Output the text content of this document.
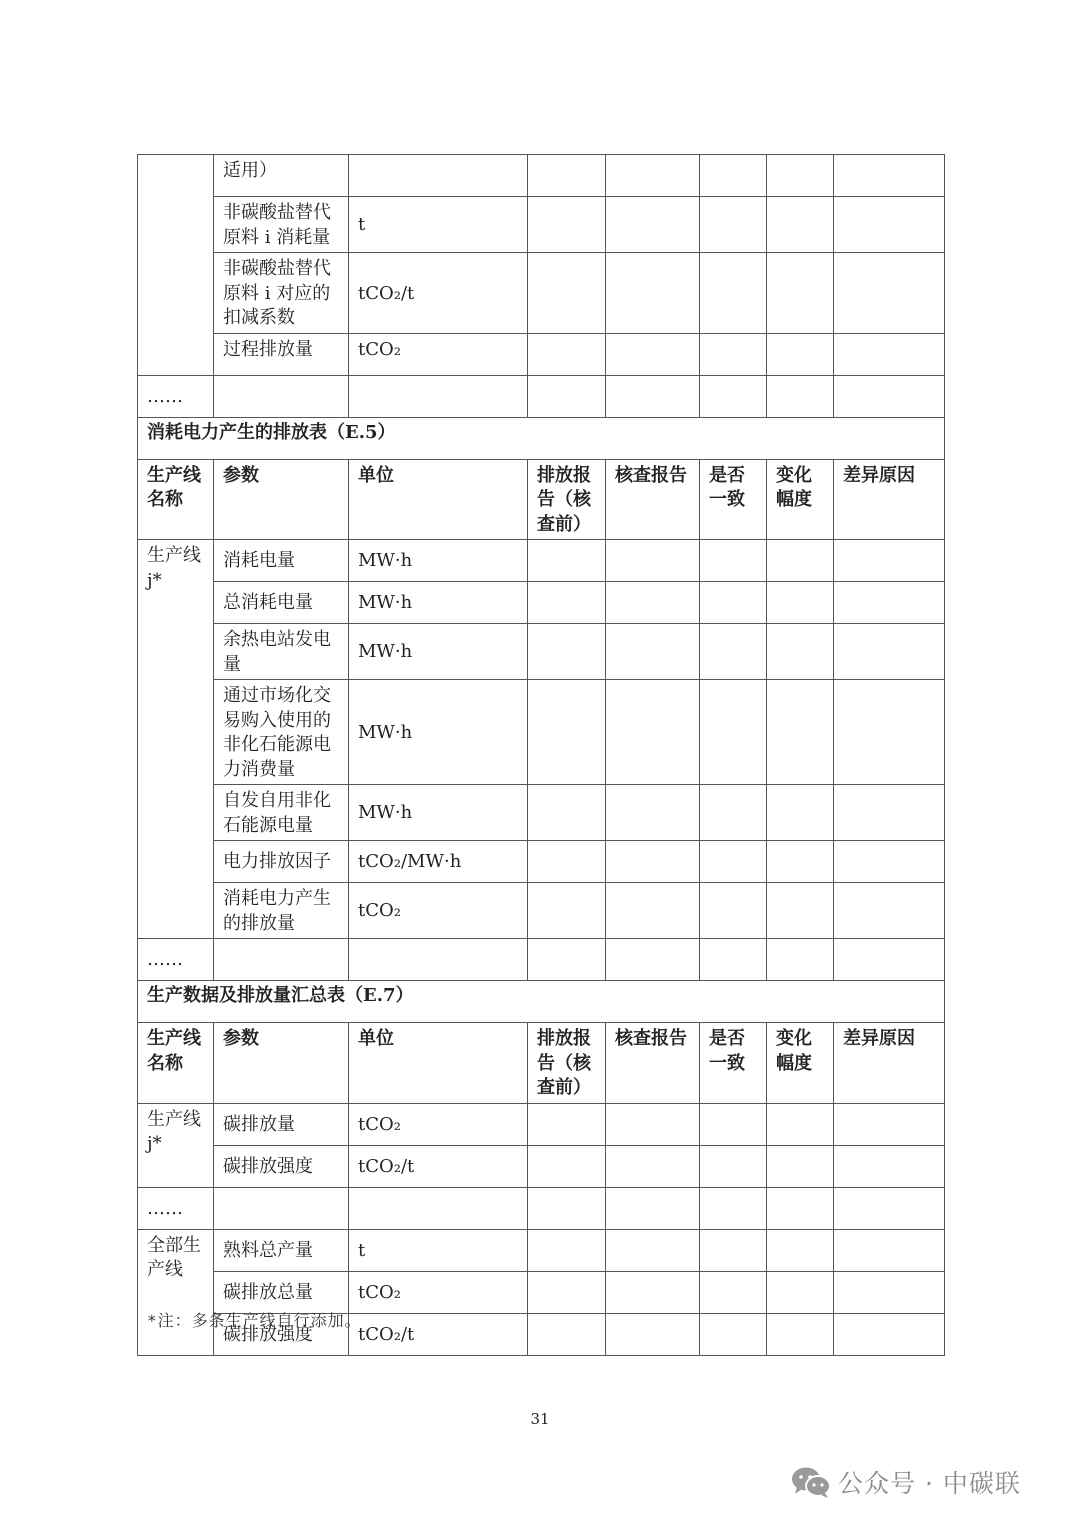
	适用）						
	非碳酸盐替代原料 i 消耗量	t					
	非碳酸盐替代原料 i 对应的扣减系数	tCO₂/t					
	过程排放量	tCO₂					
……							
消耗电力产生的排放表（E.5）							
生产线名称	参数	单位	排放报告（核查前）	核查报告	是否一致	变化幅度	差异原因
生产线 j*	消耗电量	MW·h					
	总消耗电量	MW·h					
	余热电站发电量	MW·h					
	通过市场化交易购入使用的非化石能源电力消费量	MW·h					
	自发自用非化石能源电量	MW·h					
	电力排放因子	tCO₂/MW·h					
	消耗电力产生的排放量	tCO₂					
……							
生产数据及排放量汇总表（E.7）							
生产线名称	参数	单位	排放报告（核查前）	核查报告	是否一致	变化幅度	差异原因
生产线 j*	碳排放量	tCO₂					
	碳排放强度	tCO₂/t					
……							
全部生产线	熟料总产量	t					
	碳排放总量	tCO₂					
	碳排放强度	tCO₂/t					
*注：多条生产线自行添加。
31
公众号 · 中碳联
